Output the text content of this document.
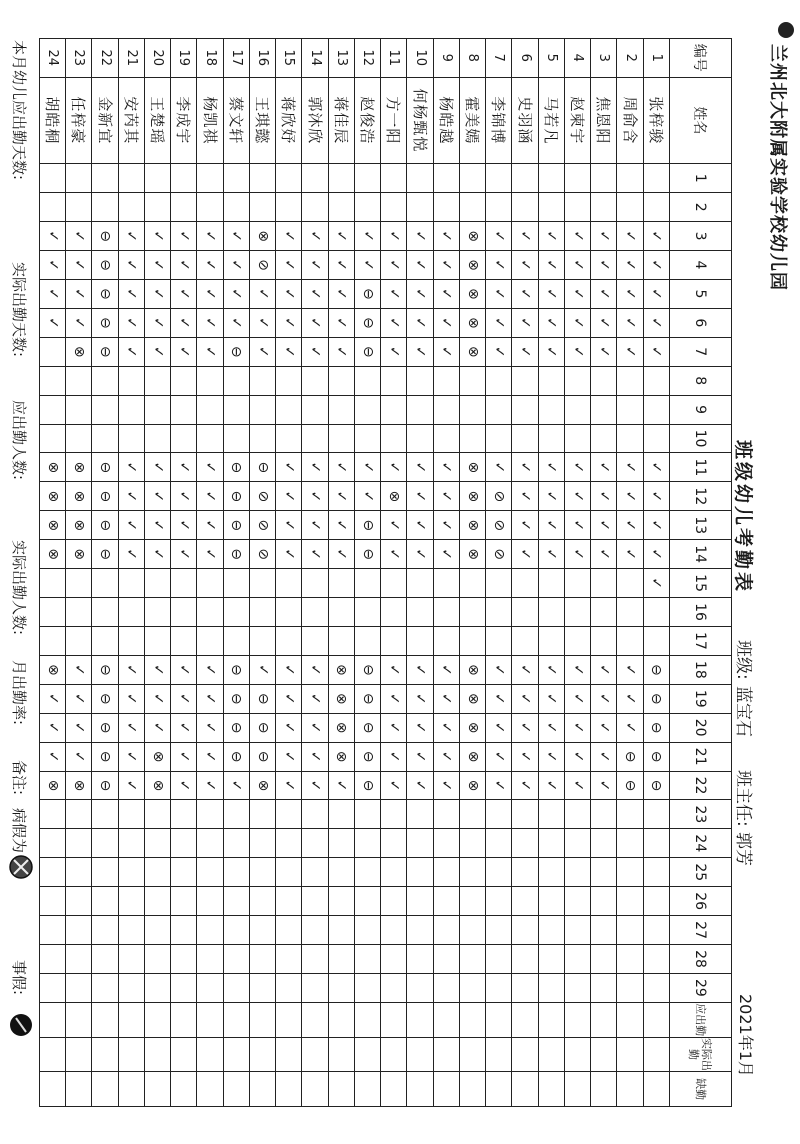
兰州北大附属实验学校幼儿园
班级幼儿考勤表
班级:
蓝宝石
班主任:
郭芳
2021年1月
编号
姓名
1
2
3
4
5
6
7
8
9
10
11
12
13
14
15
16
17
18
19
20
21
22
23
24
25
26
27
28
29
应出勤
实际出勤
缺勤
1
张梓骏
✓
✓
✓
✓
✓
✓
✓
✓
✓
✓
⊖
⊖
⊖
⊖
⊖
2
周俞含
✓
✓
✓
✓
✓
✓
✓
✓
✓
✓
✓
✓
⊖
⊖
3
焦恩阳
✓
✓
✓
✓
✓
✓
✓
✓
✓
✓
✓
✓
✓
✓
4
赵柬宇
✓
✓
✓
✓
✓
✓
✓
✓
✓
✓
✓
✓
✓
✓
5
马若凡
✓
✓
✓
✓
✓
✓
✓
✓
✓
✓
✓
✓
✓
✓
6
史羽涵
✓
✓
✓
✓
✓
✓
✓
✓
✓
✓
✓
✓
✓
✓
7
李锦博
✓
✓
✓
✓
✓
✓
⊘
⊘
⊘
✓
✓
✓
✓
✓
8
霍美嫣
⊗
⊗
⊗
⊗
⊗
⊗
⊗
⊗
⊗
⊗
⊗
⊗
⊗
⊗
9
杨皓越
✓
✓
✓
✓
✓
✓
✓
✓
✓
✓
✓
✓
✓
✓
10
何杨甄悦
✓
✓
✓
✓
✓
✓
✓
✓
✓
✓
✓
✓
✓
✓
11
方一阳
✓
✓
✓
✓
✓
✓
⊗
✓
✓
✓
✓
✓
✓
✓
12
赵俊浩
✓
✓
⊖
⊖
⊖
✓
✓
⊖
⊖
⊖
⊖
⊖
⊖
⊖
13
蒋佳辰
✓
✓
✓
✓
✓
✓
✓
✓
✓
⊗
⊗
⊗
⊗
✓
14
郭沐欣
✓
✓
✓
✓
✓
✓
✓
✓
✓
✓
✓
✓
✓
✓
15
蒋欣妤
✓
✓
✓
✓
✓
✓
✓
✓
✓
✓
✓
✓
✓
✓
16
王琪懿
⊗
⊘
✓
✓
✓
⊖
⊘
⊘
⊘
✓
⊖
⊖
⊖
⊗
17
蔡文轩
✓
✓
✓
✓
⊖
⊖
⊖
⊖
⊖
⊖
⊖
⊖
⊖
✓
18
杨凯祺
✓
✓
✓
✓
✓
✓
✓
✓
✓
✓
✓
✓
✓
✓
19
李成宇
✓
✓
✓
✓
✓
✓
✓
✓
✓
✓
✓
✓
✓
✓
20
王楚瑶
✓
✓
✓
✓
✓
✓
✓
✓
✓
✓
✓
✓
⊗
⊗
21
安芮其
✓
✓
✓
✓
✓
✓
✓
✓
✓
✓
✓
✓
✓
✓
22
金新宜
⊖
⊖
⊖
⊖
⊖
⊖
⊖
⊖
⊖
⊖
⊖
⊖
⊖
⊖
23
任梓豪
✓
✓
✓
✓
⊗
⊗
⊗
⊗
⊗
✓
✓
✓
✓
⊗
24
胡皓桐
✓
✓
✓
✓
⊗
⊗
⊗
⊗
⊗
✓
✓
✓
⊗
本月幼儿应出勤天数:
实际出勤天数:
应出勤人数:
实际出勤人数:
月出勤率:
备注:
病假为
事假:
